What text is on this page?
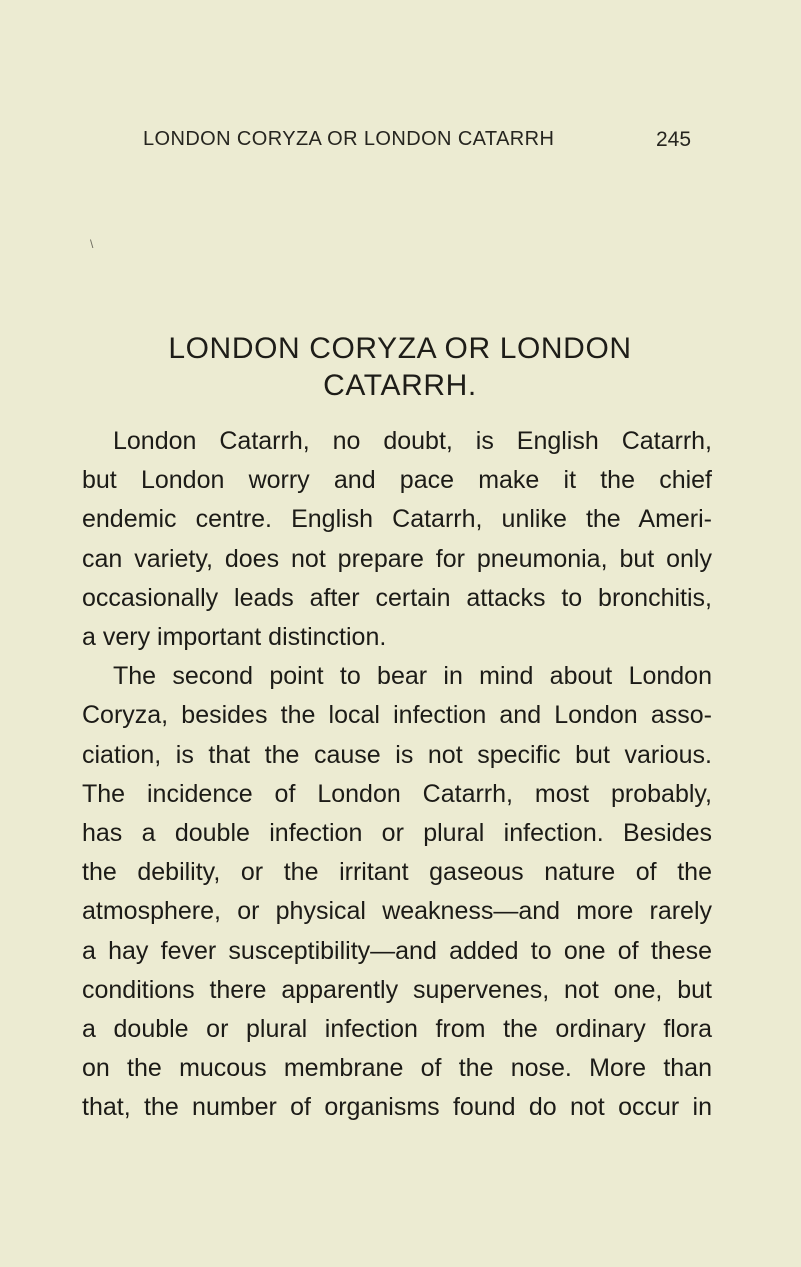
LONDON CORYZA OR LONDON CATARRH	245
\
LONDON CORYZA OR LONDON
CATARRH.
London Catarrh, no doubt, is English Catarrh,
but London worry and pace make it the chief
endemic centre. English Catarrh, unlike the Ameri-
can variety, does not prepare for pneumonia, but only
occasionally leads after certain attacks to bronchitis,
a very important distinction.
The second point to bear in mind about London
Coryza, besides the local infection and London asso-
ciation, is that the cause is not specific but various.
The incidence of London Catarrh, most probably,
has a double infection or plural infection. Besides
the debility, or the irritant gaseous nature of the
atmosphere, or physical weakness—and more rarely
a hay fever susceptibility—and added to one of these
conditions there apparently supervenes, not one, but
a double or plural infection from the ordinary flora
on the mucous membrane of the nose. More than
that, the number of organisms found do not occur in
